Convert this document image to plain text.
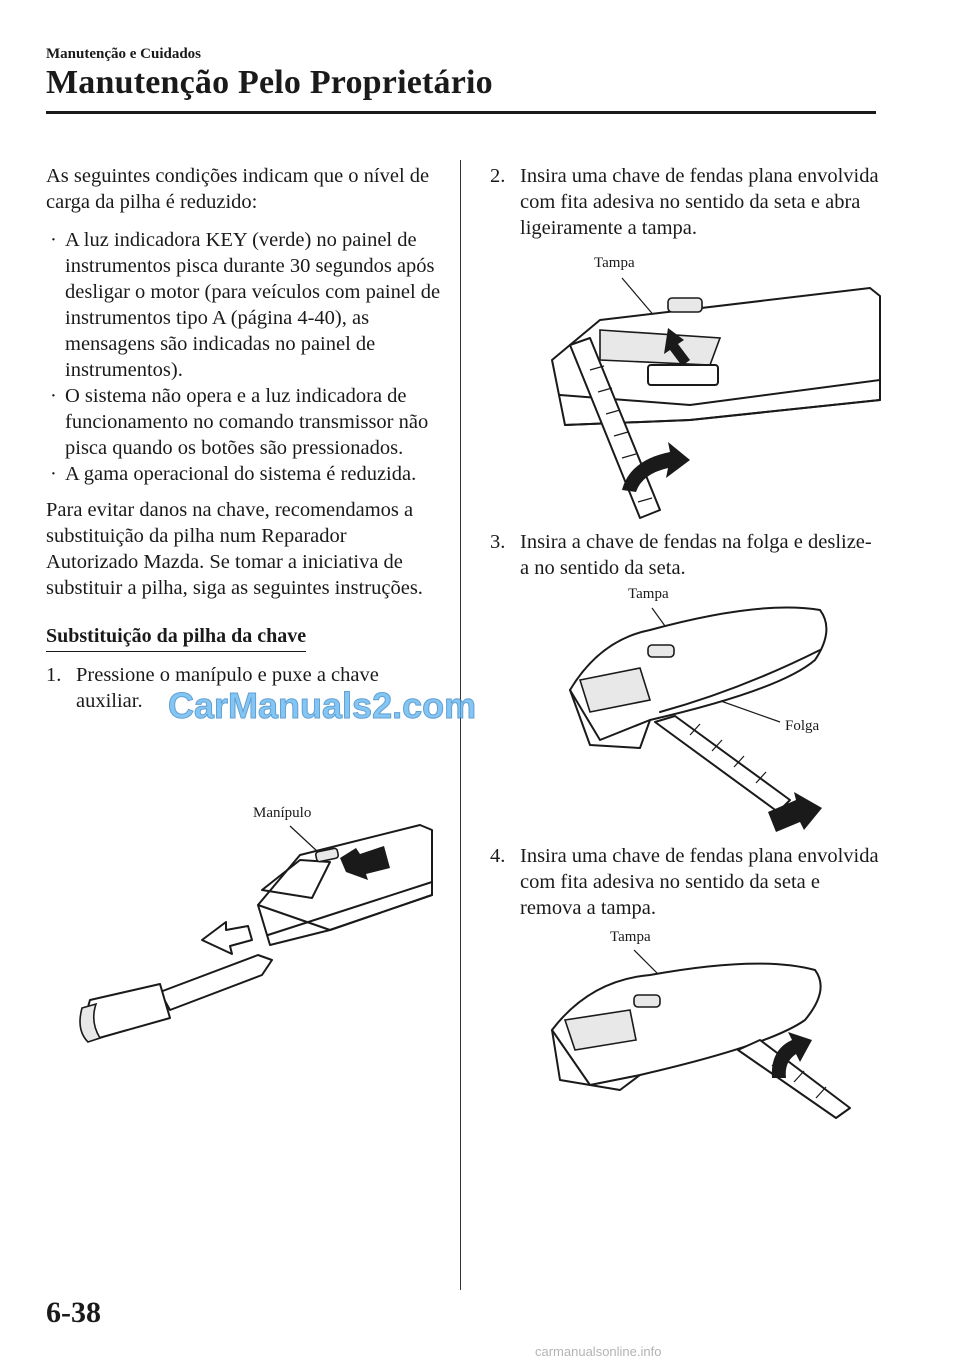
Manutenção e Cuidados
Manutenção Pelo Proprietário

As seguintes condições indicam que o nível de carga da pilha é reduzido:

· A luz indicadora KEY (verde) no painel de instrumentos pisca durante 30 segundos após desligar o motor (para veículos com painel de instrumentos tipo A (página 4-40), as mensagens são indicadas no painel de instrumentos).
· O sistema não opera e a luz indicadora de funcionamento no comando transmissor não pisca quando os botões são pressionados.
· A gama operacional do sistema é reduzida.

Para evitar danos na chave, recomendamos a substituição da pilha num Reparador Autorizado Mazda. Se tomar a iniciativa de substituir a pilha, siga as seguintes instruções.

Substituição da pilha da chave
1. Pressione o manípulo e puxe a chave auxiliar.
2. Insira uma chave de fendas plana envolvida com fita adesiva no sentido da seta e abra ligeiramente a tampa.
3. Insira a chave de fendas na folga e deslize-a no sentido da seta.
4. Insira uma chave de fendas plana envolvida com fita adesiva no sentido da seta e remova a tampa.
Manípulo
Tampa
Tampa
Folga
Tampa
CarManuals2.com
6-38
carmanualsonline.info
